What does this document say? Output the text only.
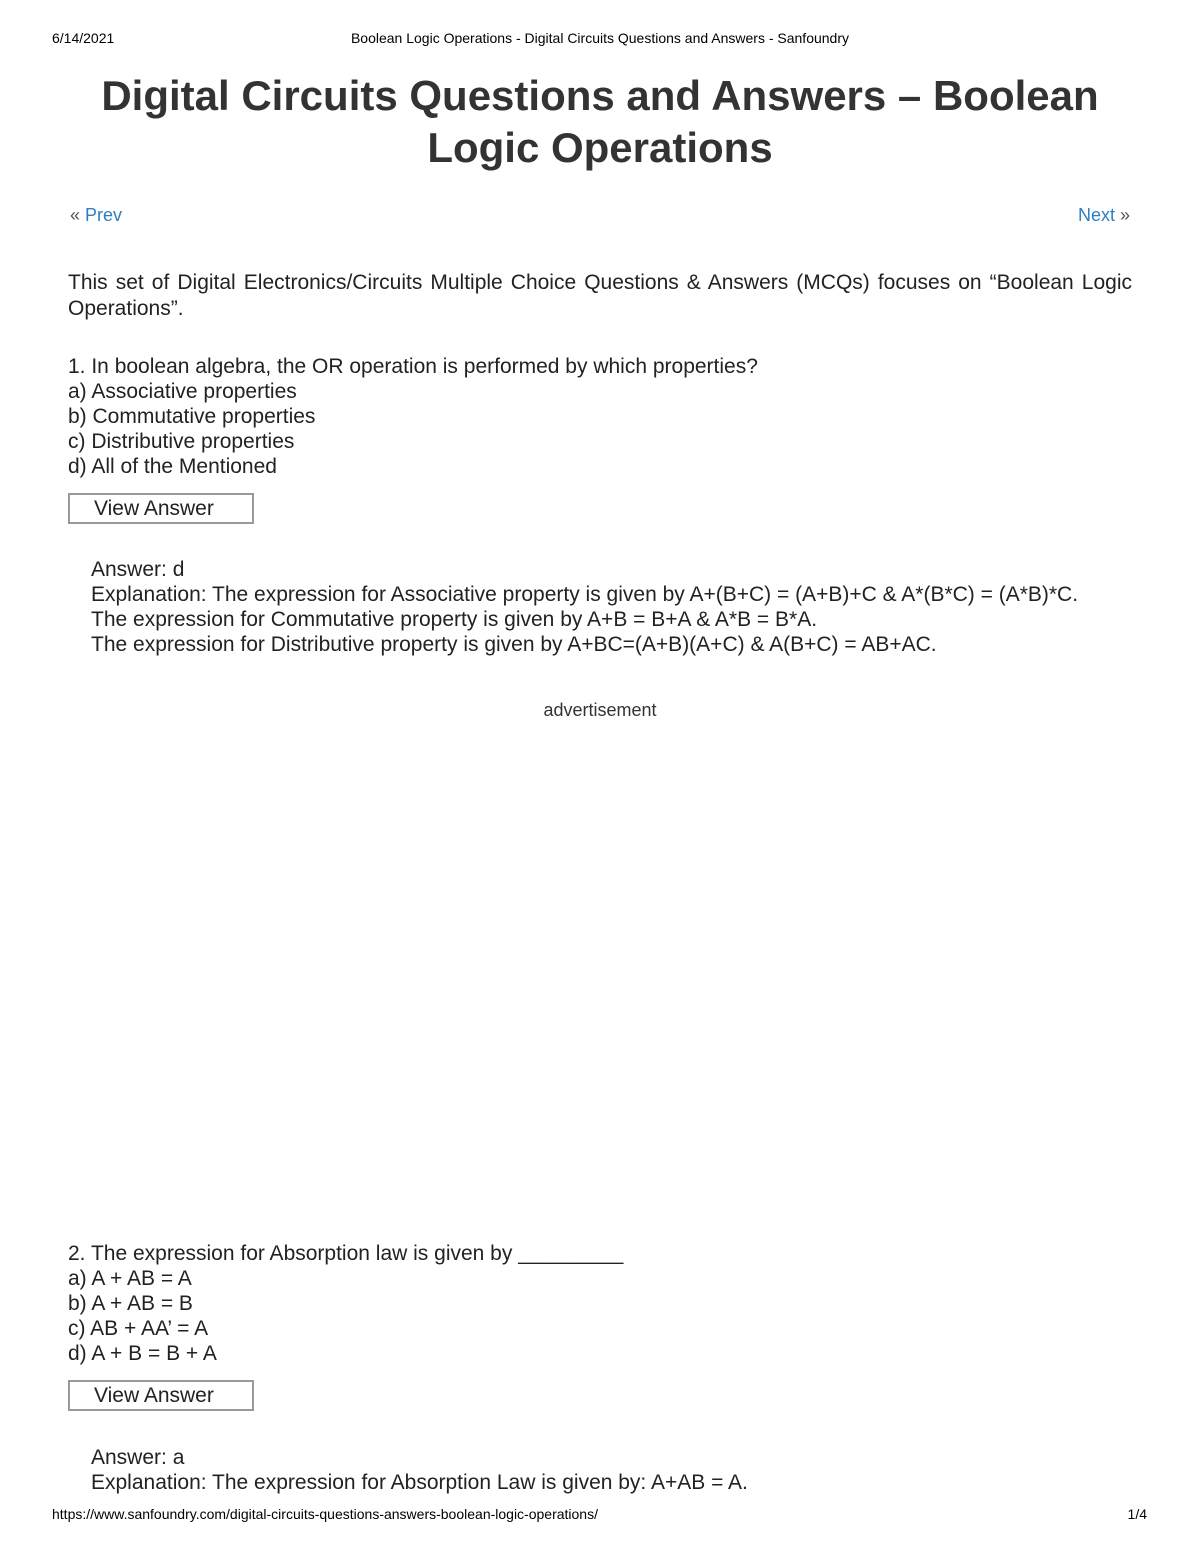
6/14/2021	Boolean Logic Operations - Digital Circuits Questions and Answers - Sanfoundry
Digital Circuits Questions and Answers – Boolean Logic Operations
« Prev	Next »

This set of Digital Electronics/Circuits Multiple Choice Questions & Answers (MCQs) focuses on “Boolean Logic Operations”.

1. In boolean algebra, the OR operation is performed by which properties?

a) Associative properties

b) Commutative properties

c) Distributive properties

d) All of the Mentioned

View Answer

Answer: d

Explanation: The expression for Associative property is given by A+(B+C) = (A+B)+C & A*(B*C) = (A*B)*C.

The expression for Commutative property is given by A+B = B+A & A*B = B*A.

The expression for Distributive property is given by A+BC=(A+B)(A+C) & A(B+C) = AB+AC.

advertisement

2. The expression for Absorption law is given by _________

a) A + AB = A

b) A + AB = B

c) AB + AA’ = A

d) A + B = B + A

View Answer

Answer: a

Explanation: The expression for Absorption Law is given by: A+AB = A.

https://www.sanfoundry.com/digital-circuits-questions-answers-boolean-logic-operations/	1/4
